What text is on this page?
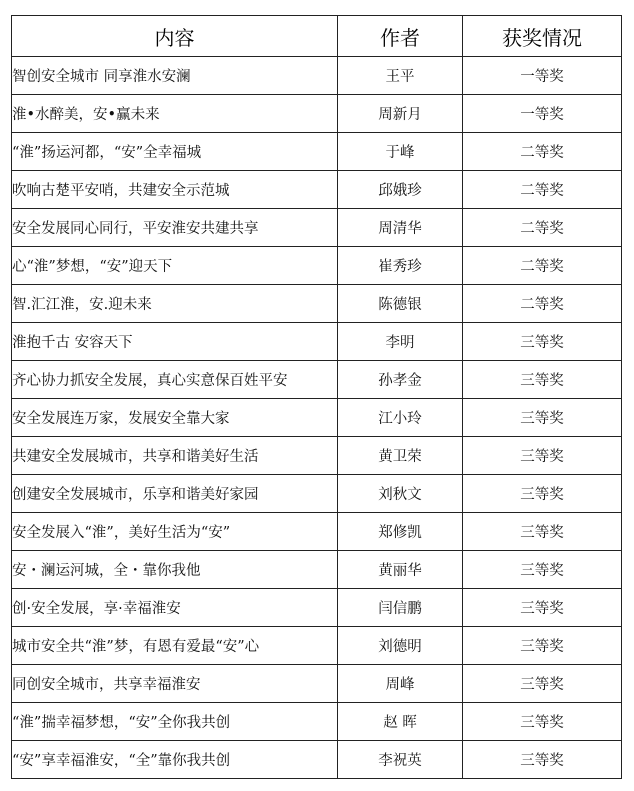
内容	作者	获奖情况
智创安全城市 同享淮水安澜	王平	一等奖
淮•水醉美，安•赢未来	周新月	一等奖
“淮”扬运河都，“安”全幸福城	于峰	二等奖
吹响古楚平安哨，共建安全示范城	邱娥珍	二等奖
安全发展同心同行，平安淮安共建共享	周清华	二等奖
心“淮”梦想，“安”迎天下	崔秀珍	二等奖
智.汇江淮，安.迎未来	陈德银	二等奖
淮抱千古 安容天下	李明	三等奖
齐心协力抓安全发展，真心实意保百姓平安	孙孝金	三等奖
安全发展连万家，发展安全靠大家	江小玲	三等奖
共建安全发展城市，共享和谐美好生活	黄卫荣	三等奖
创建安全发展城市，乐享和谐美好家园	刘秋文	三等奖
安全发展入“淮”，美好生活为“安”	郑修凯	三等奖
安・澜运河城，全・靠你我他	黄丽华	三等奖
创·安全发展，享·幸福淮安	闫信鹏	三等奖
城市安全共“淮”梦，有恩有爱最“安”心	刘德明	三等奖
同创安全城市，共享幸福淮安	周峰	三等奖
“淮”揣幸福梦想，“安”全你我共创	赵 晖	三等奖
“安”享幸福淮安，“全”靠你我共创	李祝英	三等奖
